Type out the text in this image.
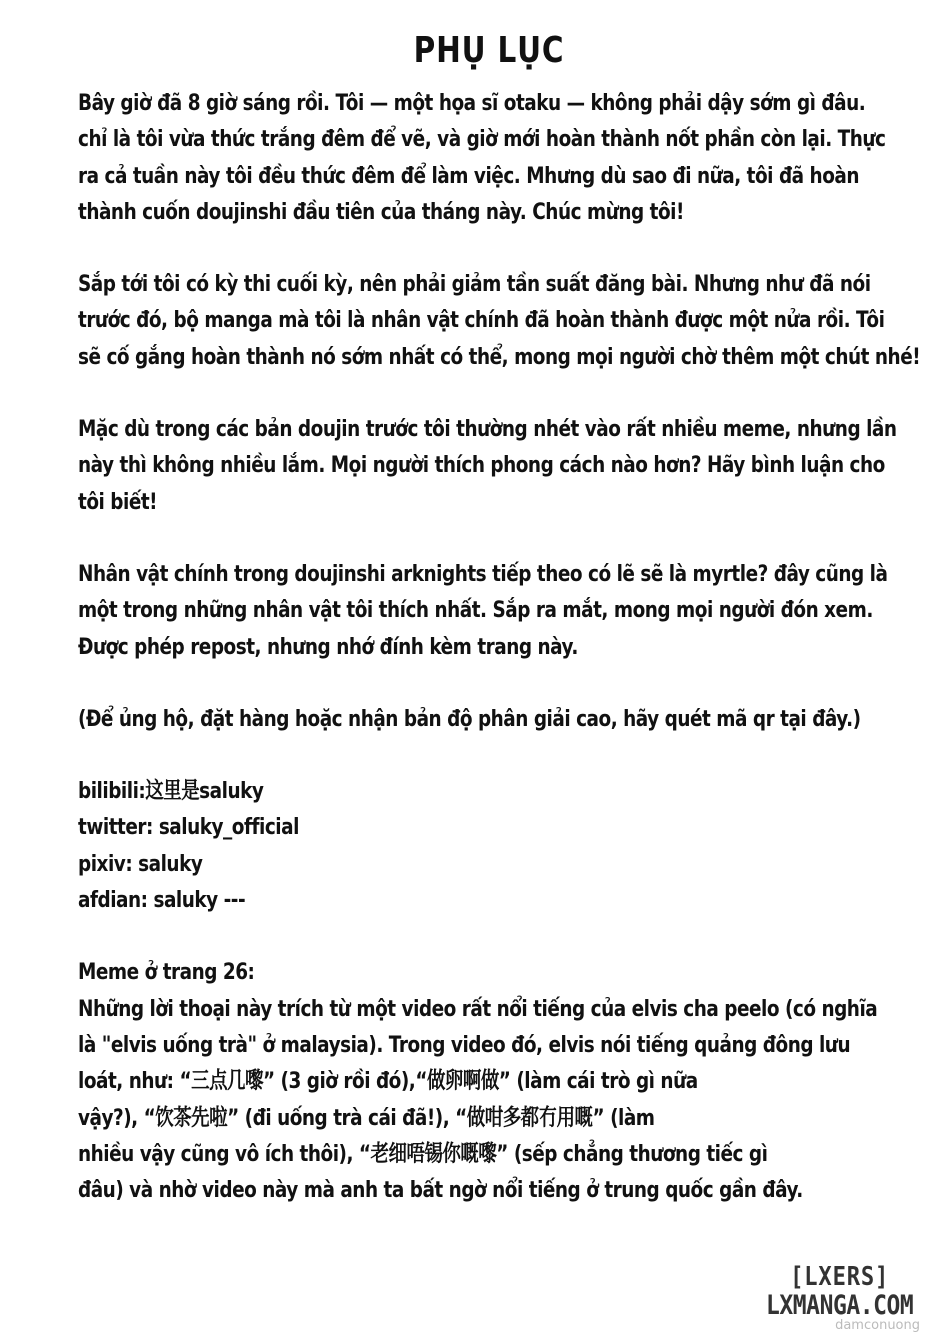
PHỤ LỤC
Bây giờ đã 8 giờ sáng rồi. Tôi — một họa sĩ otaku — không phải dậy sớm gì đâu.
chỉ là tôi vừa thức trắng đêm để vẽ, và giờ mới hoàn thành nốt phần còn lại. Thực
ra cả tuần này tôi đều thức đêm để làm việc. Mhưng dù sao đi nữa, tôi đã hoàn
thành cuốn doujinshi đầu tiên của tháng này. Chúc mừng tôi!
Sắp tới tôi có kỳ thi cuối kỳ, nên phải giảm tần suất đăng bài. Nhưng như đã nói
trước đó, bộ manga mà tôi là nhân vật chính đã hoàn thành được một nửa rồi. Tôi
sẽ cố gắng hoàn thành nó sớm nhất có thể, mong mọi người chờ thêm một chút nhé!
Mặc dù trong các bản doujin trước tôi thường nhét vào rất nhiều meme, nhưng lần
này thì không nhiều lắm. Mọi người thích phong cách nào hơn? Hãy bình luận cho
tôi biết!
Nhân vật chính trong doujinshi arknights tiếp theo có lẽ sẽ là myrtle? đây cũng là
một trong những nhân vật tôi thích nhất. Sắp ra mắt, mong mọi người đón xem.
Được phép repost, nhưng nhớ đính kèm trang này.
(Để ủng hộ, đặt hàng hoặc nhận bản độ phân giải cao, hãy quét mã qr tại đây.)
bilibili:这里是saluky
twitter: saluky_official
pixiv: saluky
afdian: saluky ---
Meme ở trang 26:
Những lời thoại này trích từ một video rất nổi tiếng của elvis cha peelo (có nghĩa
là "elvis uống trà" ở malaysia). Trong video đó, elvis nói tiếng quảng đông lưu
loát, như: “三点几嚟” (3 giờ rồi đó),“做卵啊做” (làm cái trò gì nữa
vậy?), “饮茶先啦” (đi uống trà cái đã!), “做咁多都冇用嘅” (làm
nhiều vậy cũng vô ích thôi), “老细唔锡你嘅嚟” (sếp chẳng thương tiếc gì
đâu) và nhờ video này mà anh ta bất ngờ nổi tiếng ở trung quốc gần đây.
[LXERS]
LXMANGA.COM
damconuong
